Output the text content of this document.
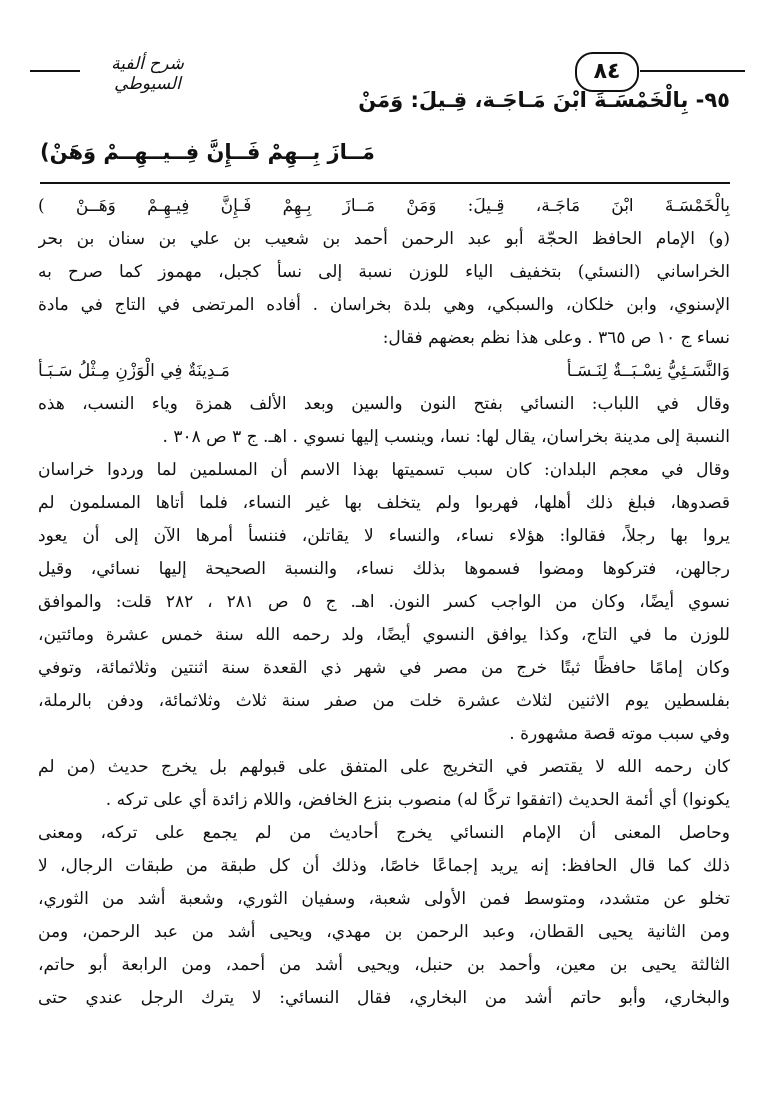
شرح ألفية السيوطي	٨٤
٩٥- بِالْخَمْسَـةَ ابْنَ مَـاجَـة، قِـيلَ: وَمَنْ
مَــازَ بِــهِمْ فَــإِنَّ فِــيــهِــمْ وَهَنْ)
بِالْخَمْسَـةَ ابْنَ مَاجَـة، قِـيلَ: وَمَنْ مَــازَ بِـهِمْ فَـإِنَّ فِيـهِـمْ وَهَــنْ )
(و) الإمام الحافظ الحجّة أبو عبد الرحمن أحمد بن شعيب بن علي بن سنان بن بحر
الخراساني (النسئي) بتخفيف الياء للوزن نسبة إلى نسأ كجبل، مهموز كما صرح به
الإسنوي، وابن خلكان، والسبكي، وهي بلدة بخراسان . أفاده المرتضى في التاج في مادة
نساء ج ١٠ ص ٣٦٥ . وعلى هذا نظم بعضهم فقال:
وَالنَّسَـئِيُّ نِسْـبَــةٌ لِنَـسَـأ
مَـدِينَةٌ فِي الْوَزْنِ مِـثْلُ سَـبَـأ
وقال في اللباب: النسائي بفتح النون والسين وبعد الألف همزة وياء النسب، هذه
النسبة إلى مدينة بخراسان، يقال لها: نسا، وينسب إليها نسوي . اهـ. ج ٣ ص ٣٠٨ .
وقال في معجم البلدان: كان سبب تسميتها بهذا الاسم أن المسلمين لما وردوا خراسان
قصدوها، فبلغ ذلك أهلها، فهربوا ولم يتخلف بها غير النساء، فلما أتاها المسلمون لم
يروا بها رجلاً، فقالوا: هؤلاء نساء، والنساء لا يقاتلن، فننسأ أمرها الآن إلى أن يعود
رجالهن، فتركوها ومضوا فسموها بذلك نساء، والنسبة الصحيحة إليها نسائي، وقيل
نسوي أيضًا، وكان من الواجب كسر النون. اهـ. ج ٥ ص ٢٨١ ، ٢٨٢ قلت: والموافق
للوزن ما في التاج، وكذا يوافق النسوي أيضًا، ولد رحمه الله سنة خمس عشرة ومائتين،
وكان إمامًا حافظًا ثبتًا خرج من مصر في شهر ذي القعدة سنة اثنتين وثلاثمائة، وتوفي
بفلسطين يوم الاثنين لثلاث عشرة خلت من صفر سنة ثلاث وثلاثمائة، ودفن بالرملة،
وفي سبب موته قصة مشهورة .
كان رحمه الله لا يقتصر في التخريج على المتفق على قبولهم بل يخرج حديث (من لم
يكونوا) أي أئمة الحديث (اتفقوا تركًا له) منصوب بنزع الخافض، واللام زائدة أي على تركه .
وحاصل المعنى أن الإمام النسائي يخرج أحاديث من لم يجمع على تركه، ومعنى
ذلك كما قال الحافظ: إنه يريد إجماعًا خاصًا، وذلك أن كل طبقة من طبقات الرجال، لا
تخلو عن متشدد، ومتوسط فمن الأولى شعبة، وسفيان الثوري، وشعبة أشد من الثوري،
ومن الثانية يحيى القطان، وعبد الرحمن بن مهدي، ويحيى أشد من عبد الرحمن، ومن
الثالثة يحيى بن معين، وأحمد بن حنبل، ويحيى أشد من أحمد، ومن الرابعة أبو حاتم،
والبخاري، وأبو حاتم أشد من البخاري، فقال النسائي: لا يترك الرجل عندي حتى
